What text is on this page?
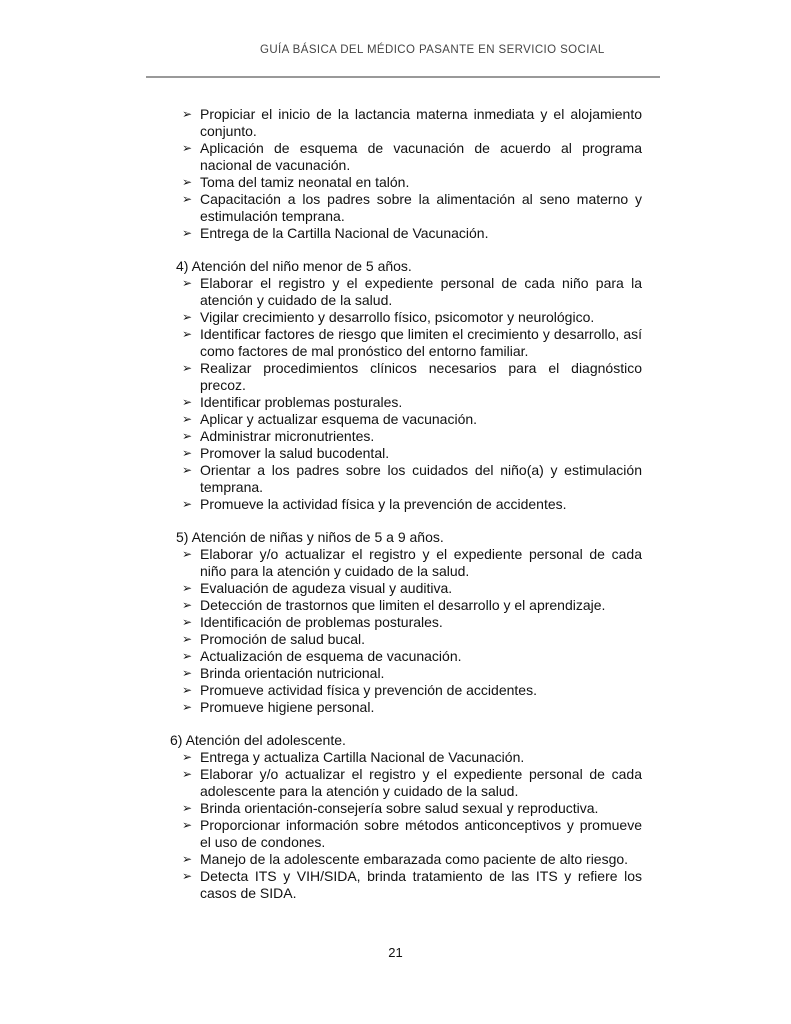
GUÍA BÁSICA DEL MÉDICO PASANTE EN SERVICIO SOCIAL
➢ Propiciar el inicio de la lactancia materna inmediata y el alojamiento conjunto.
➢ Aplicación de esquema de vacunación de acuerdo al programa nacional de vacunación.
➢ Toma del tamiz neonatal en talón.
➢ Capacitación a los padres sobre la alimentación al seno materno y estimulación temprana.
➢ Entrega de la Cartilla Nacional de Vacunación.
4) Atención del niño menor de 5 años.
➢ Elaborar el registro y el expediente personal de cada niño para la atención y cuidado de la salud.
➢ Vigilar crecimiento y desarrollo físico, psicomotor y neurológico.
➢ Identificar factores de riesgo que limiten el crecimiento y desarrollo, así como factores de mal pronóstico del entorno familiar.
➢ Realizar procedimientos clínicos necesarios para el diagnóstico precoz.
➢ Identificar problemas posturales.
➢ Aplicar y actualizar esquema de vacunación.
➢ Administrar micronutrientes.
➢ Promover la salud bucodental.
➢ Orientar a los padres sobre los cuidados del niño(a) y estimulación temprana.
➢ Promueve la actividad física y la prevención de accidentes.
5) Atención de niñas y niños de 5 a 9 años.
➢ Elaborar y/o actualizar el registro y el expediente personal de cada niño para la atención y cuidado de la salud.
➢ Evaluación de agudeza visual y auditiva.
➢ Detección de trastornos que limiten el desarrollo y el aprendizaje.
➢ Identificación de problemas posturales.
➢ Promoción de salud bucal.
➢ Actualización de esquema de vacunación.
➢ Brinda orientación nutricional.
➢ Promueve actividad física y prevención de accidentes.
➢ Promueve higiene personal.
6) Atención del adolescente.
➢ Entrega y actualiza Cartilla Nacional de Vacunación.
➢ Elaborar y/o actualizar el registro y el expediente personal de cada adolescente para la atención y cuidado de la salud.
➢ Brinda orientación-consejería sobre salud sexual y reproductiva.
➢ Proporcionar información sobre métodos anticonceptivos y promueve el uso de condones.
➢ Manejo de la adolescente embarazada como paciente de alto riesgo.
➢ Detecta ITS y VIH/SIDA, brinda tratamiento de las ITS y refiere los casos de SIDA.
21
